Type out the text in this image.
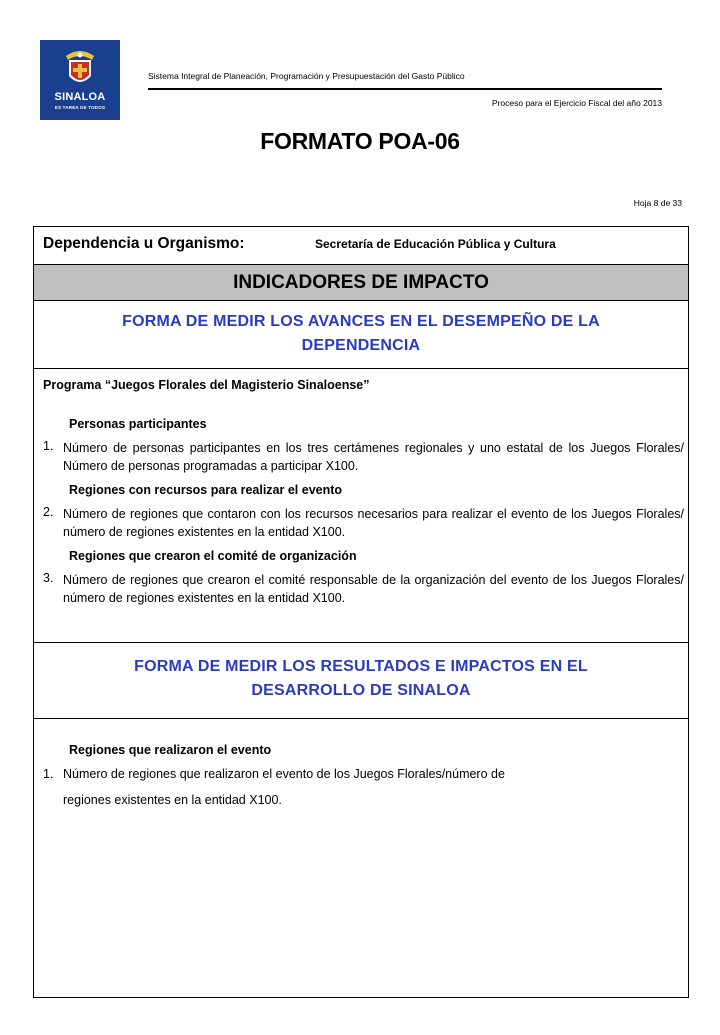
SINALOA
ES TAREA DE TODOS
Sistema Integral de Planeación, Programación y Presupuestación del Gasto Público
Proceso para el Ejercicio Fiscal del año 2013
FORMATO POA-06
Hoja 8 de 33
Dependencia u Organismo:	Secretaría de Educación Pública y Cultura
INDICADORES DE IMPACTO
FORMA DE MEDIR LOS AVANCES EN EL DESEMPEÑO DE LA
DEPENDENCIA
Programa “Juegos Florales del Magisterio Sinaloense”
Personas participantes
1. Número de personas participantes en los tres certámenes regionales y uno estatal de los Juegos Florales/ Número de personas programadas a participar X100.
Regiones con recursos para realizar el evento
2. Número de regiones que contaron con los recursos necesarios para realizar el evento de los Juegos Florales/ número de regiones existentes en la entidad X100.
Regiones que crearon el comité de organización
3. Número de regiones que crearon el comité responsable de la organización del evento de los Juegos Florales/ número de regiones existentes en la entidad X100.
FORMA DE MEDIR LOS RESULTADOS E IMPACTOS EN EL
DESARROLLO DE SINALOA
Regiones que realizaron el evento
1. Número de regiones que realizaron el evento de los Juegos Florales/número de
regiones existentes en la entidad X100.
